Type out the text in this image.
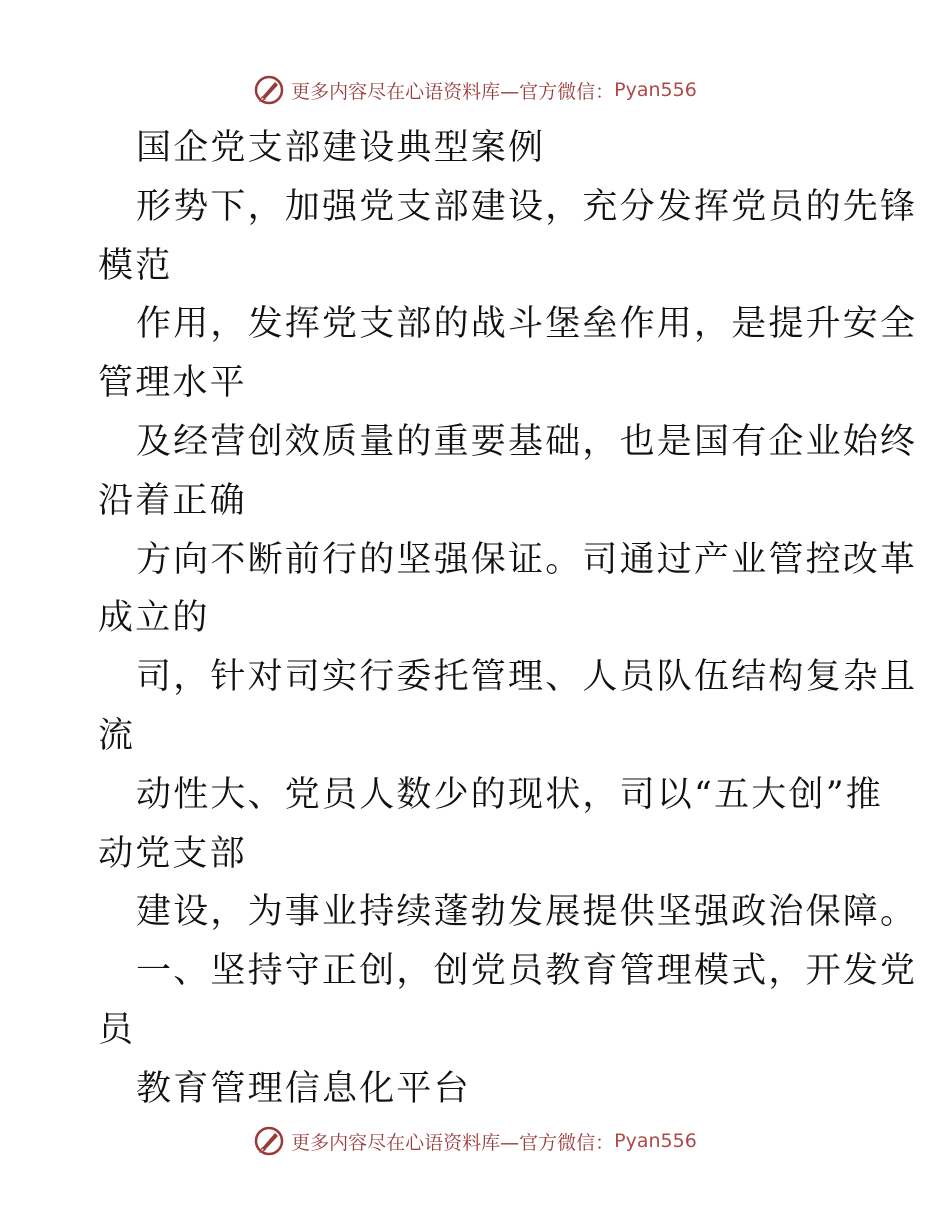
更多内容尽在心语资料库—官方微信： Pyan556
国企党支部建设典型案例
形势下，加强党支部建设，充分发挥党员的先锋
模范
作用，发挥党支部的战斗堡垒作用，是提升安全
管理水平
及经营创效质量的重要基础，也是国有企业始终
沿着正确
方向不断前行的坚强保证。司通过产业管控改革
成立的
司，针对司实行委托管理、人员队伍结构复杂且
流
动性大、党员人数少的现状，司以“五大创”推
动党支部
建设，为事业持续蓬勃发展提供坚强政治保障。
一、坚持守正创，创党员教育管理模式，开发党
员
教育管理信息化平台
更多内容尽在心语资料库—官方微信： Pyan556
